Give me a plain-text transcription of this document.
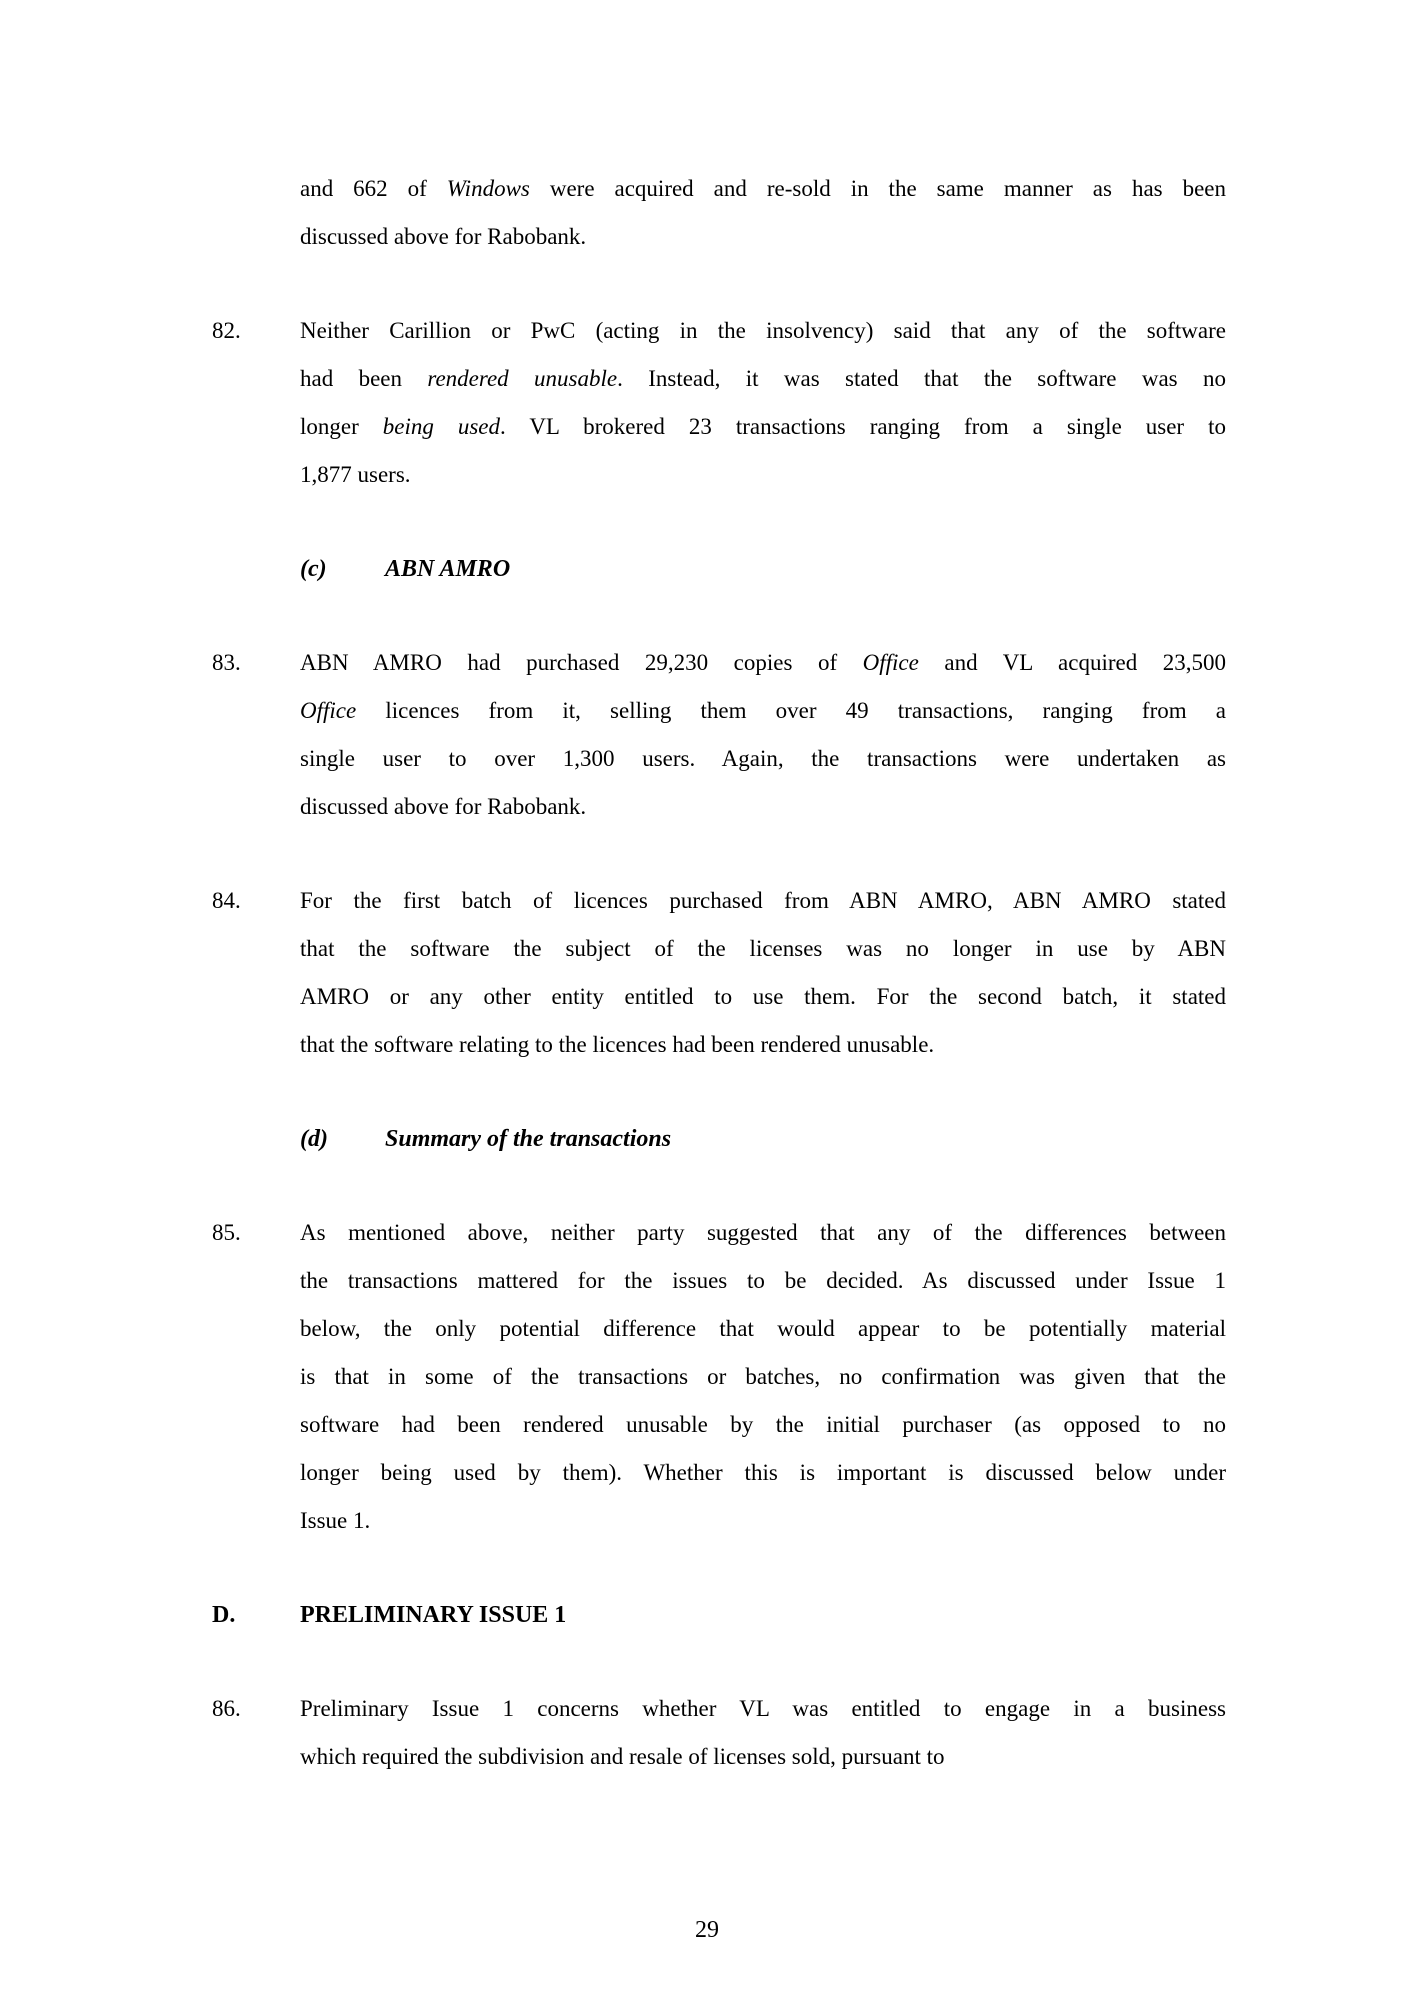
and 662 of Windows were acquired and re-sold in the same manner as has been
discussed above for Rabobank.
82.	Neither Carillion or PwC (acting in the insolvency) said that any of the software
had been rendered unusable. Instead, it was stated that the software was no
longer being used. VL brokered 23 transactions ranging from a single user to
1,877 users.
(c)	ABN AMRO
83.	ABN AMRO had purchased 29,230 copies of Office and VL acquired 23,500
Office licences from it, selling them over 49 transactions, ranging from a
single user to over 1,300 users. Again, the transactions were undertaken as
discussed above for Rabobank.
84.	For the first batch of licences purchased from ABN AMRO, ABN AMRO stated
that the software the subject of the licenses was no longer in use by ABN
AMRO or any other entity entitled to use them. For the second batch, it stated
that the software relating to the licences had been rendered unusable.
(d)	Summary of the transactions
85.	As mentioned above, neither party suggested that any of the differences between
the transactions mattered for the issues to be decided. As discussed under Issue 1
below, the only potential difference that would appear to be potentially material
is that in some of the transactions or batches, no confirmation was given that the
software had been rendered unusable by the initial purchaser (as opposed to no
longer being used by them). Whether this is important is discussed below under
Issue 1.
D.	PRELIMINARY ISSUE 1
86.	Preliminary Issue 1 concerns whether VL was entitled to engage in a business
which required the subdivision and resale of licenses sold, pursuant to
29
